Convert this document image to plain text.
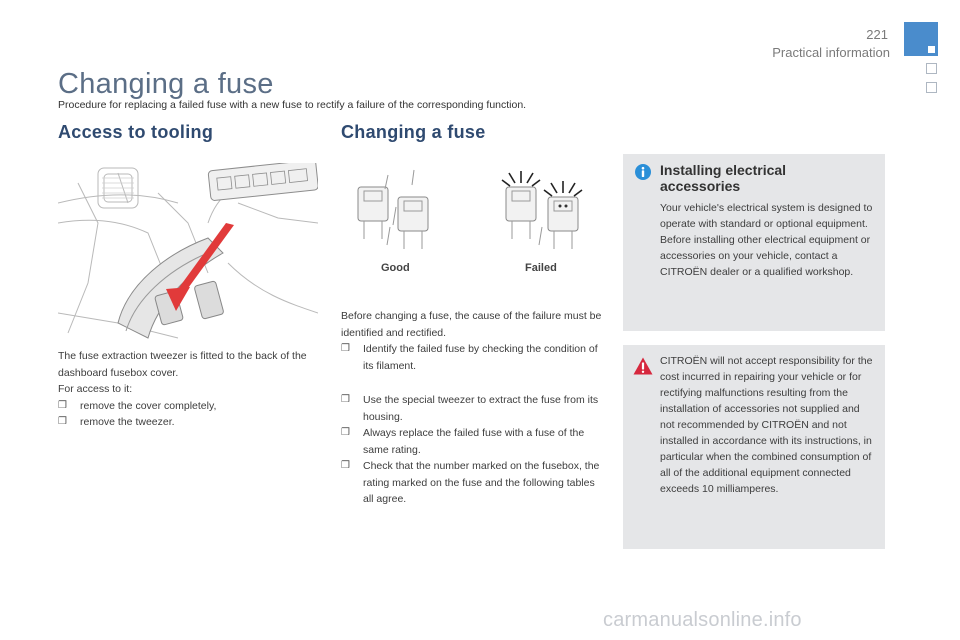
221
Practical information
Changing a fuse
Procedure for replacing a failed fuse with a new fuse to rectify a failure of the corresponding function.
Access to tooling

The fuse extraction tweezer is fitted to the back of the dashboard fusebox cover.

For access to it:

❒	remove the cover completely,
❒	remove the tweezer.
Changing a fuse
Good	Failed

Before changing a fuse, the cause of the failure must be identified and rectified.

❒	Identify the failed fuse by checking the condition of its filament.
❒	Use the special tweezer to extract the fuse from its housing.
❒	Always replace the failed fuse with a fuse of the same rating.
❒	Check that the number marked on the fusebox, the rating marked on the fuse and the following tables all agree.
Installing electrical accessories

Your vehicle's electrical system is designed to operate with standard or optional equipment.

Before installing other electrical equipment or accessories on your vehicle, contact a CITROËN dealer or a qualified workshop.

CITROËN will not accept responsibility for the cost incurred in repairing your vehicle or for rectifying malfunctions resulting from the installation of accessories not supplied and not recommended by CITROËN and not installed in accordance with its instructions, in particular when the combined consumption of all of the additional equipment connected exceeds 10 milliamperes.
carmanualsonline.info
